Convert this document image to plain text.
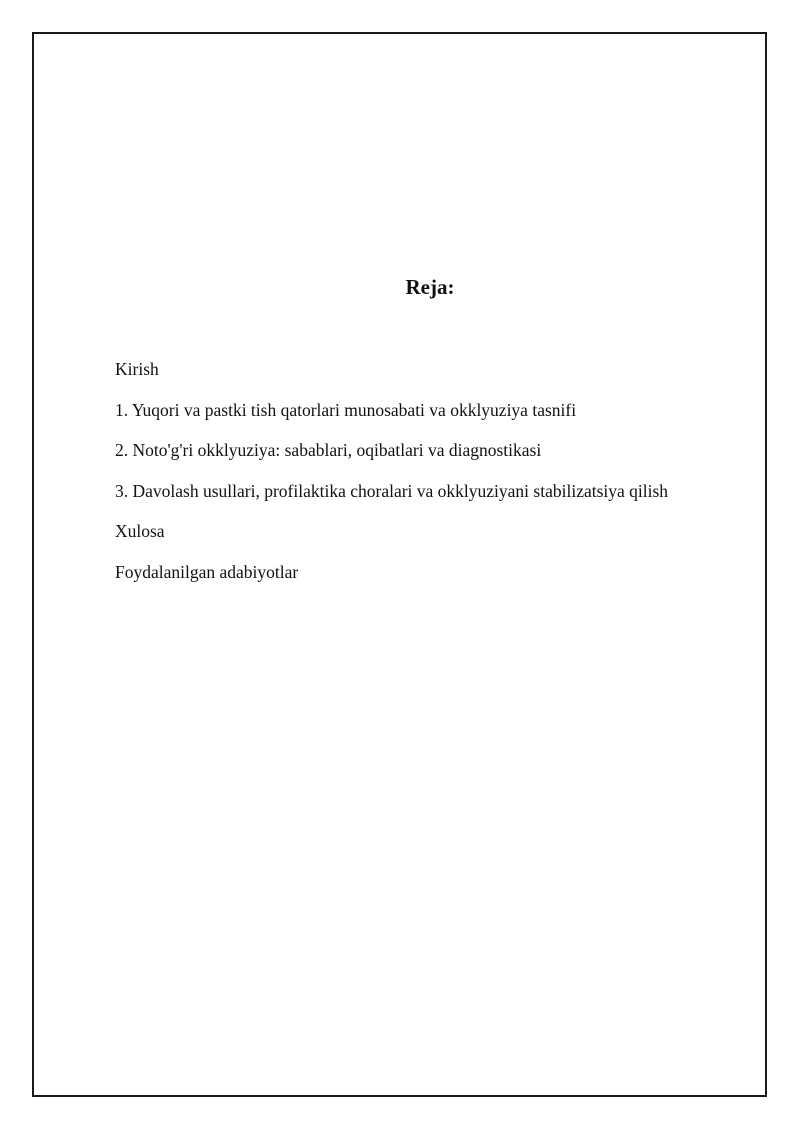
Reja:
Kirish
1. Yuqori va pastki tish qatorlari munosabati va okklyuziya tasnifi
2. Noto'g'ri okklyuziya: sabablari, oqibatlari va diagnostikasi
3. Davolash usullari, profilaktika choralari va okklyuziyani stabilizatsiya qilish
Xulosa
Foydalanilgan adabiyotlar
